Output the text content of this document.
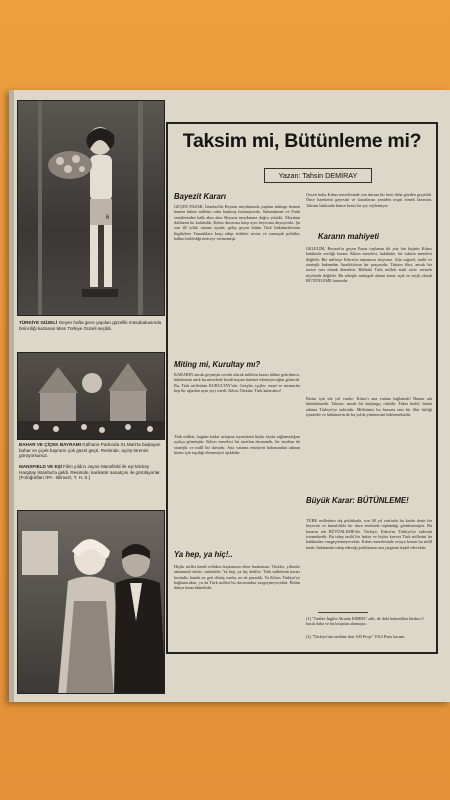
6
TÜRKİYE GÜZELİ Geçen hafta gece yapılan güzellik müsabakasında birinciliği kazanan Miss Türkiye Güzeli seçildi.
BAHAR VE ÇİÇEK BAYRAMI Gülhane Parkında 31 Mart'ta başlayan bahar ve çiçek bayramı çok güzel geçti. Resimde, açılış törenini görüyorsunuz.
MANSFIELD VE EŞİ Filim yıldızı Jayne Mansfield ile eşi Mickey Hargitay İstanbul'a geldi. Resimde, karikatür sanatçısı ile görülüyorlar. (Fotoğrafları İPA - Bilmezt, T. H. S.)
Taksim mi, Bütünleme mi?
Yazan: Tahsin DEMİRAY
Bayezit Kararı

GEÇEN PAZAR, İstanbul'da Beyazıt meydanında yapılan mitinge hemen hemen bütün milletin ruhu katılmış bulunuyordu. Sultanahmet ve Fatih semtlerinden halk akın akın Beyazıt meydanına doğru yürüdü. Meydanı dolduran bu kalabalık, Kıbrıs davasına karşı aynı heyecanı duyuyordu. Şu son 40 yıllık zaman içinde, gelip geçen bütün Türk hükümetlerinin İngilizlere Yunanlılara karşı takip ettikleri sessiz ve yumuşak politika, halkın beklediği neticeyi vermemişti.

Miting mi, Kurultay mı?

KARARIN ancak geçmişin cevabı olarak milletin kararı hâline getirilmesi, hükümetin artık bu meselede kendi başına hareket edemeyeceğini gösterdi. Bu, Türk milletinin KURULTAY'ıdır. Gençler, işçiler, esnaf ve memurlar hep bir ağızdan aynı şeyi istedi: Kıbrıs Türktür, Türk kalacaktır!

Türk milleti, bugüne kadar uzlaşma siyasetinin hiçbir fayda sağlamadığını açıkça görmüştür. Kıbrıs meselesi bir taraftan ekonomik, bir taraftan da stratejik ve millî bir davadır. Ana vatanın emniyeti bakımından adanın bizim için taşıdığı ehemmiyet aşikârdır.

Ya hep, ya hiç!..

Hiçbir millet kendi evlâdını başkasının eline bırakamaz. Türkler, yıllardır tahammül ettiler, sabrettiler. Ya hep, ya hiç dediler. Türk milletinin kararı kesindir; bunda ne geri dönüş vardır, ne de pazarlık. Ya Kıbrıs Türkiye'ye bağlanacaktır, ya da Türk milleti bu davasından vazgeçmeyecektir. Bütün dünya bunu bilmelidir.

Geçen hafta Kıbrıs meselesinde son durum bir kere daha gözden geçirildi. Önce hareketin gayesini ve kararlarını yeniden tespit etmek lâzımdır. Taksim hakkında kimse kesin bir şey söylemiyor.

Kararın mahiyeti

GELELİM, Beyazıt'ta geçen Pazar toplanan iki yüz bin kişinin Kıbrıs hakkında verdiği karara. Kıbrıs meselesi, hakikatte, bir taksim meselesi değildir. Biz milletçe Kıbrıs'ın tamamını istiyoruz. Ada coğrafî, tarihî ve stratejik bakımdan Anadolu'nun bir parçasıdır. Taksim fikri, ancak bir tavize razı olmak demektir. Halbuki Türk milleti artık taviz vermek niyetinde değildir. Bu sebeple mitingde alınan karar, açık ve seçik olarak BÜTÜNLEME kararıdır.

Bizim için tek yol vardır: Kıbrıs'ı ana vatana bağlamak! Bunun adı bütünlemedir. Taksim, ancak bir başlangıç olabilir. Fakat hedef, bütün adanın Türkiye'ye iadesidir. Milletimiz bu hususta tam bir fikir birliği içindedir ve hükümetin de bu yolda yürümesini beklemektedir.

Büyük Karar: BÜTÜNLEME!

TÜRK milletinin dış politikada, son 40 yıl zarfında bu kadar derin bir heyecan ve kararlılıkla bir dava etrafında toplandığı görülmemiştir. Bu kararın adı BÜTÜNLEME'dir. Türkiye, Kıbrıs'ın Türkiye'ye iadesini istemektedir. Bu talep tarihî bir haktır ve hiçbir kuvvet Türk milletini bu hakkından vazgeçiremeyecektir. Kıbrıs meselesinde ortaya konan bu millî irade, hükümetin takip edeceği politikanın ana çizgisini teşkil edecektir.

(1) "Tarihte İngiliz Altında KIBRIS" adlı, de dahi bahsedilen kitabın 5. basılı daha ve bu kitaptan alınmıştır.
(2) "Türkiye'nin tarihine dair 100 Proje" 1914 Paris basımı.
